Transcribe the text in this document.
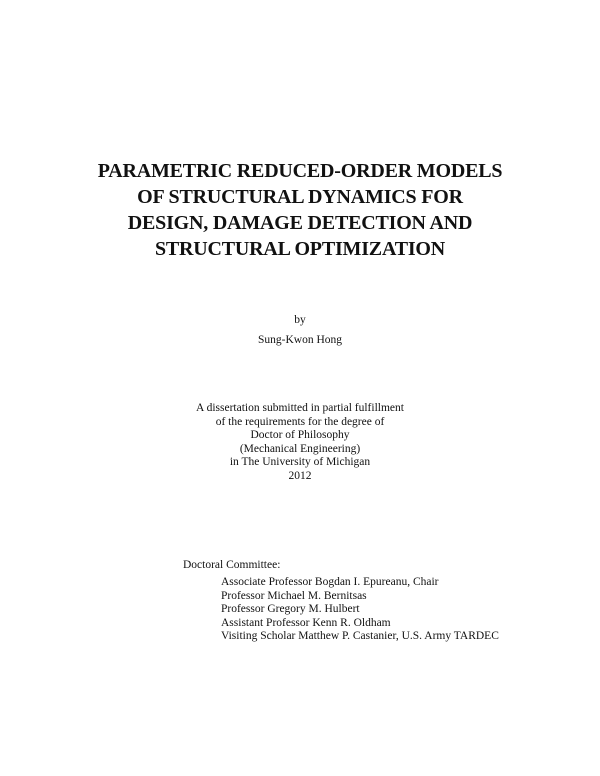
PARAMETRIC REDUCED-ORDER MODELS
OF STRUCTURAL DYNAMICS FOR
DESIGN, DAMAGE DETECTION AND
STRUCTURAL OPTIMIZATION
by
Sung-Kwon Hong
A dissertation submitted in partial fulfillment
of the requirements for the degree of
Doctor of Philosophy
(Mechanical Engineering)
in The University of Michigan
2012
Doctoral Committee:
Associate Professor Bogdan I. Epureanu, Chair
Professor Michael M. Bernitsas
Professor Gregory M. Hulbert
Assistant Professor Kenn R. Oldham
Visiting Scholar Matthew P. Castanier, U.S. Army TARDEC
